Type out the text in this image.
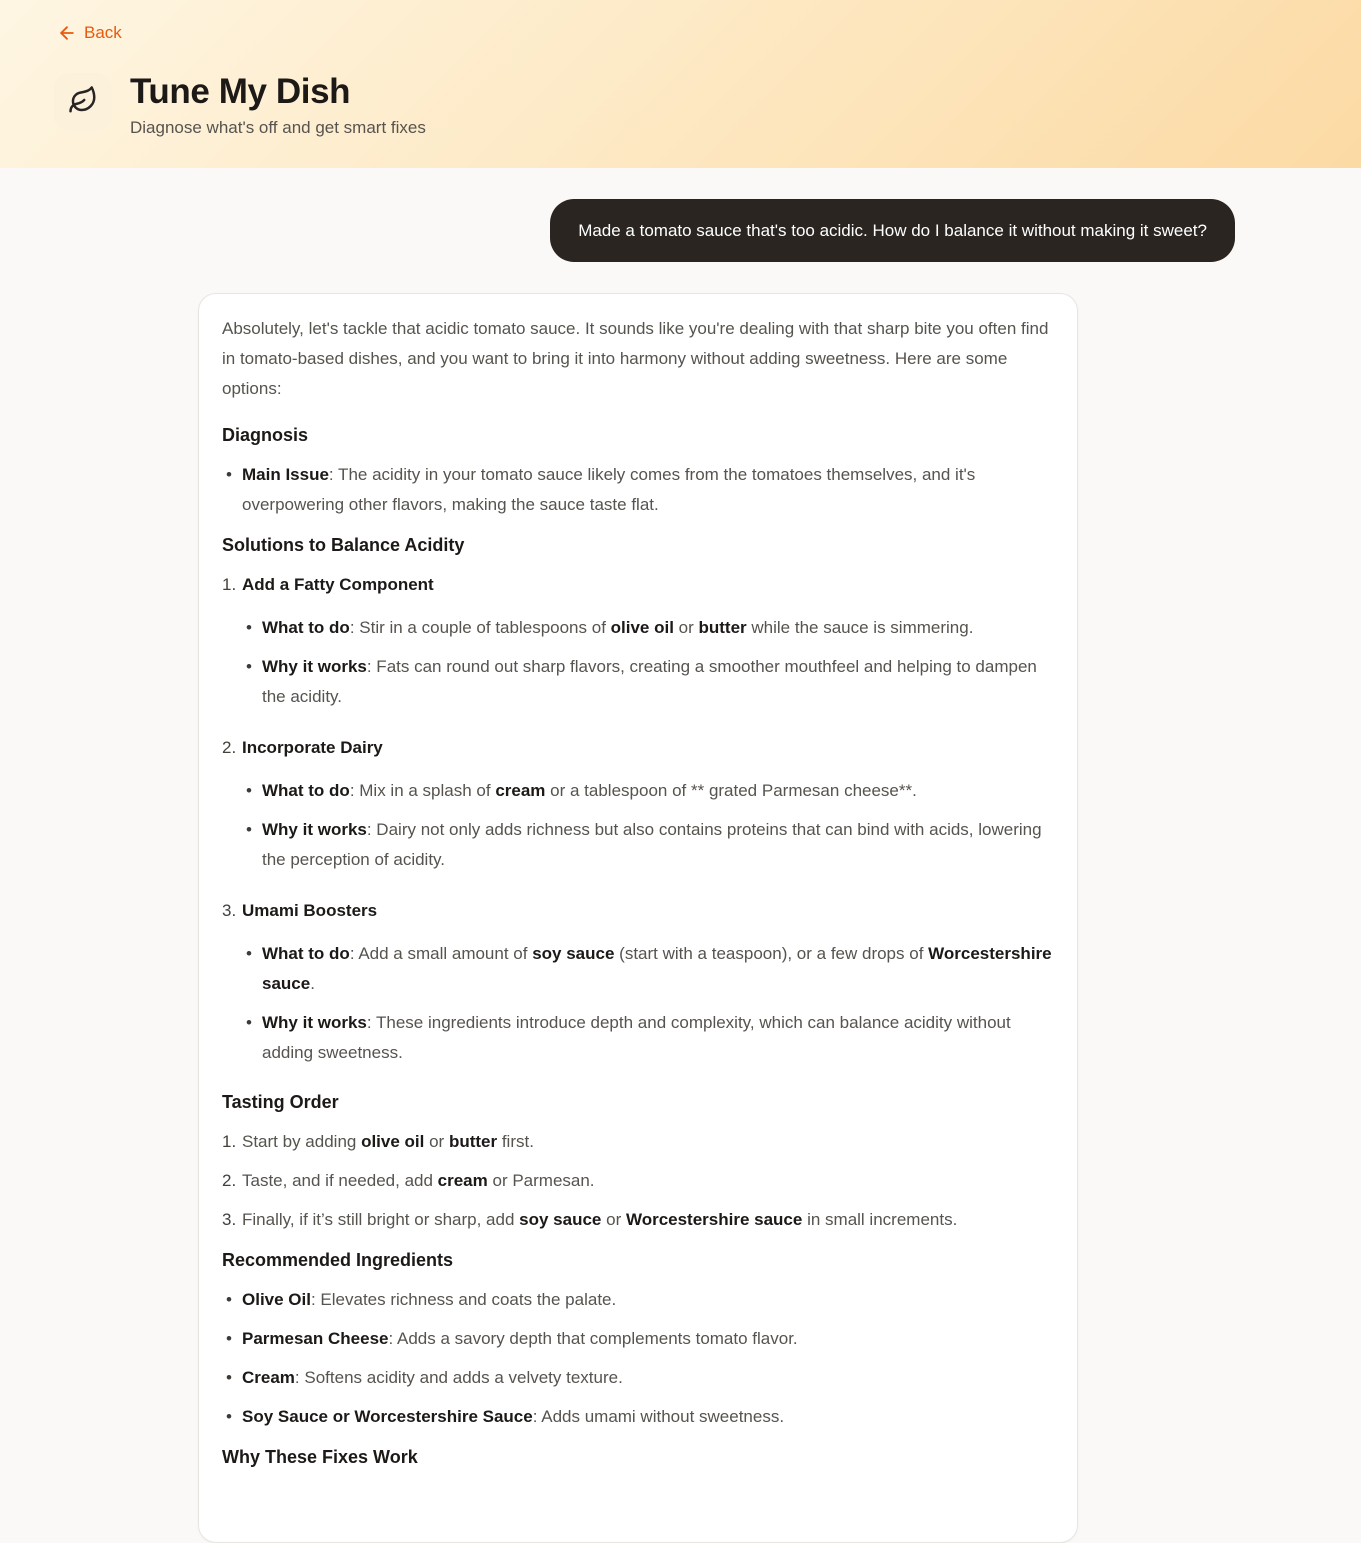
Back
Tune My Dish
Diagnose what's off and get smart fixes
Made a tomato sauce that's too acidic. How do I balance it without making it sweet?

Absolutely, let's tackle that acidic tomato sauce. It sounds like you're dealing with that sharp bite you often find in tomato-based dishes, and you want to bring it into harmony without adding sweetness. Here are some options:

Diagnosis
• Main Issue: The acidity in your tomato sauce likely comes from the tomatoes themselves, and it's overpowering other flavors, making the sauce taste flat.
Solutions to Balance Acidity
1. Add a Fatty Component
• What to do: Stir in a couple of tablespoons of olive oil or butter while the sauce is simmering.
• Why it works: Fats can round out sharp flavors, creating a smoother mouthfeel and helping to dampen the acidity.
2. Incorporate Dairy
• What to do: Mix in a splash of cream or a tablespoon of ** grated Parmesan cheese**.
• Why it works: Dairy not only adds richness but also contains proteins that can bind with acids, lowering the perception of acidity.
3. Umami Boosters
• What to do: Add a small amount of soy sauce (start with a teaspoon), or a few drops of Worcestershire sauce.
• Why it works: These ingredients introduce depth and complexity, which can balance acidity without adding sweetness.
Tasting Order
1. Start by adding olive oil or butter first.
2. Taste, and if needed, add cream or Parmesan.
3. Finally, if it’s still bright or sharp, add soy sauce or Worcestershire sauce in small increments.
Recommended Ingredients
• Olive Oil: Elevates richness and coats the palate.
• Parmesan Cheese: Adds a savory depth that complements tomato flavor.
• Cream: Softens acidity and adds a velvety texture.
• Soy Sauce or Worcestershire Sauce: Adds umami without sweetness.
Why These Fixes Work
